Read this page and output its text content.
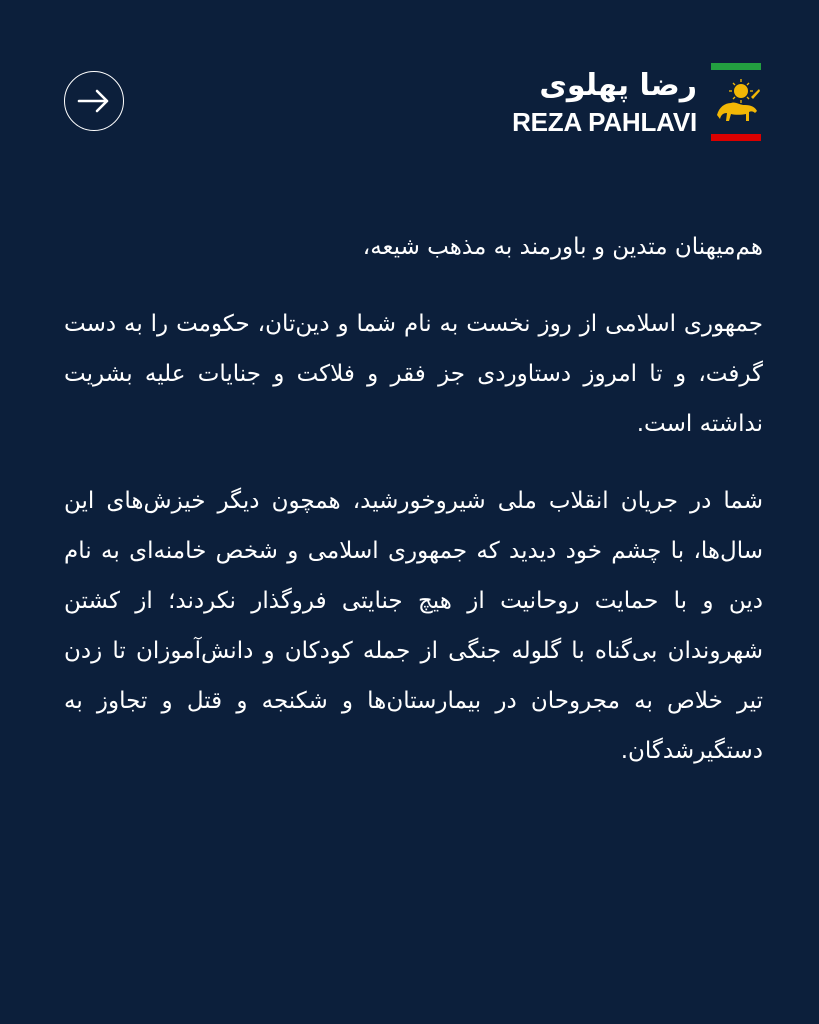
رضا پهلوی
REZA PAHLAVI

هم‌میهنان متدین و باورمند به مذهب شیعه،

جمهوری اسلامی از روز نخست به نام شما و دین‌تان، حکومت را به دست گرفت، و تا امروز دستاوردی جز فقر و فلاکت و جنایات علیه بشریت نداشته است.

شما در جریان انقلاب ملی شیروخورشید، همچون دیگر خیزش‌های این سال‌ها، با چشم خود دیدید که جمهوری اسلامی و شخص خامنه‌ای به نام دین و با حمایت روحانیت از هیچ جنایتی فروگذار نکردند؛ از کشتن شهروندان بی‌گناه با گلوله جنگی از جمله کودکان و دانش‌آموزان تا زدن تیر خلاص به مجروحان در بیمارستان‌ها و شکنجه و قتل و تجاوز به دستگیرشدگان.
